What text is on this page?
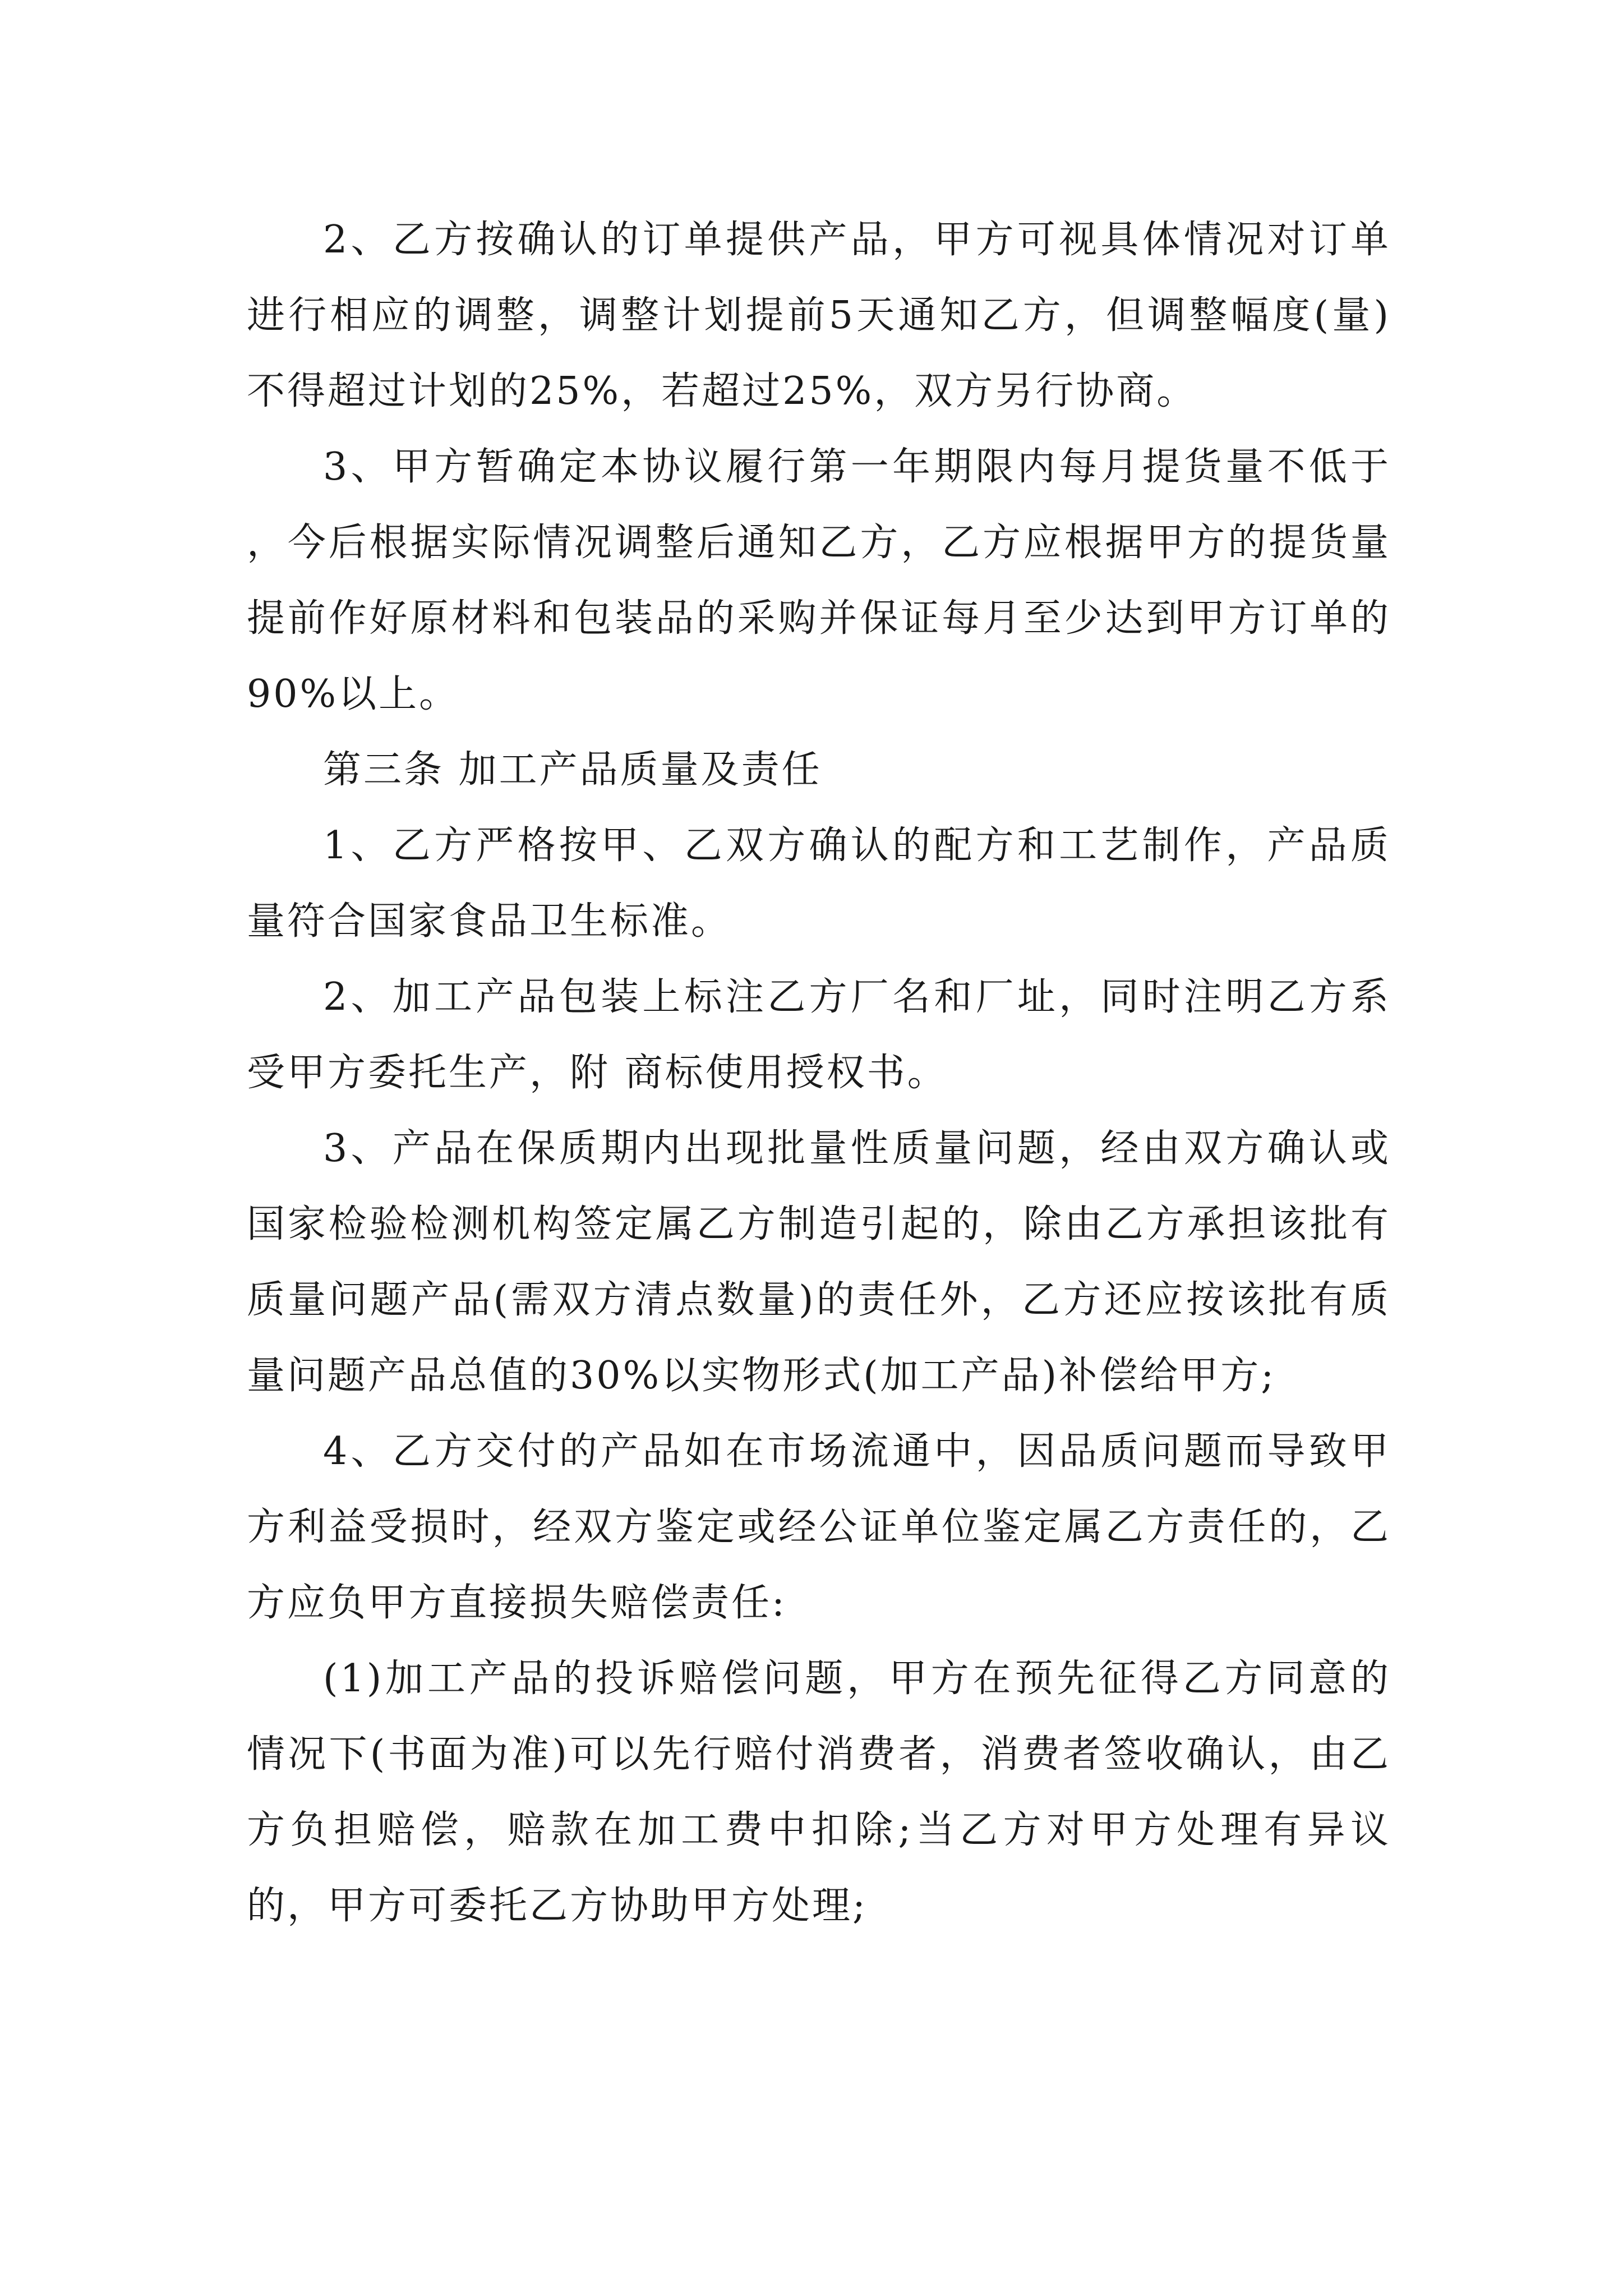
2、乙方按确认的订单提供产品，甲方可视具体情况对订单进行相应的调整，调整计划提前5天通知乙方，但调整幅度(量)不得超过计划的25%，若超过25%，双方另行协商。

3、甲方暂确定本协议履行第一年期限内每月提货量不低于 ，今后根据实际情况调整后通知乙方，乙方应根据甲方的提货量提前作好原材料和包装品的采购并保证每月至少达到甲方订单的90%以上。

第三条 加工产品质量及责任

1、乙方严格按甲、乙双方确认的配方和工艺制作，产品质量符合国家食品卫生标准。

2、加工产品包装上标注乙方厂名和厂址，同时注明乙方系受甲方委托生产，附 商标使用授权书。

3、产品在保质期内出现批量性质量问题，经由双方确认或国家检验检测机构签定属乙方制造引起的，除由乙方承担该批有质量问题产品(需双方清点数量)的责任外，乙方还应按该批有质量问题产品总值的30%以实物形式(加工产品)补偿给甲方;

4、乙方交付的产品如在市场流通中，因品质问题而导致甲方利益受损时，经双方鉴定或经公证单位鉴定属乙方责任的，乙方应负甲方直接损失赔偿责任:

(1)加工产品的投诉赔偿问题，甲方在预先征得乙方同意的情况下(书面为准)可以先行赔付消费者，消费者签收确认，由乙方负担赔偿，赔款在加工费中扣除;当乙方对甲方处理有异议的，甲方可委托乙方协助甲方处理;
